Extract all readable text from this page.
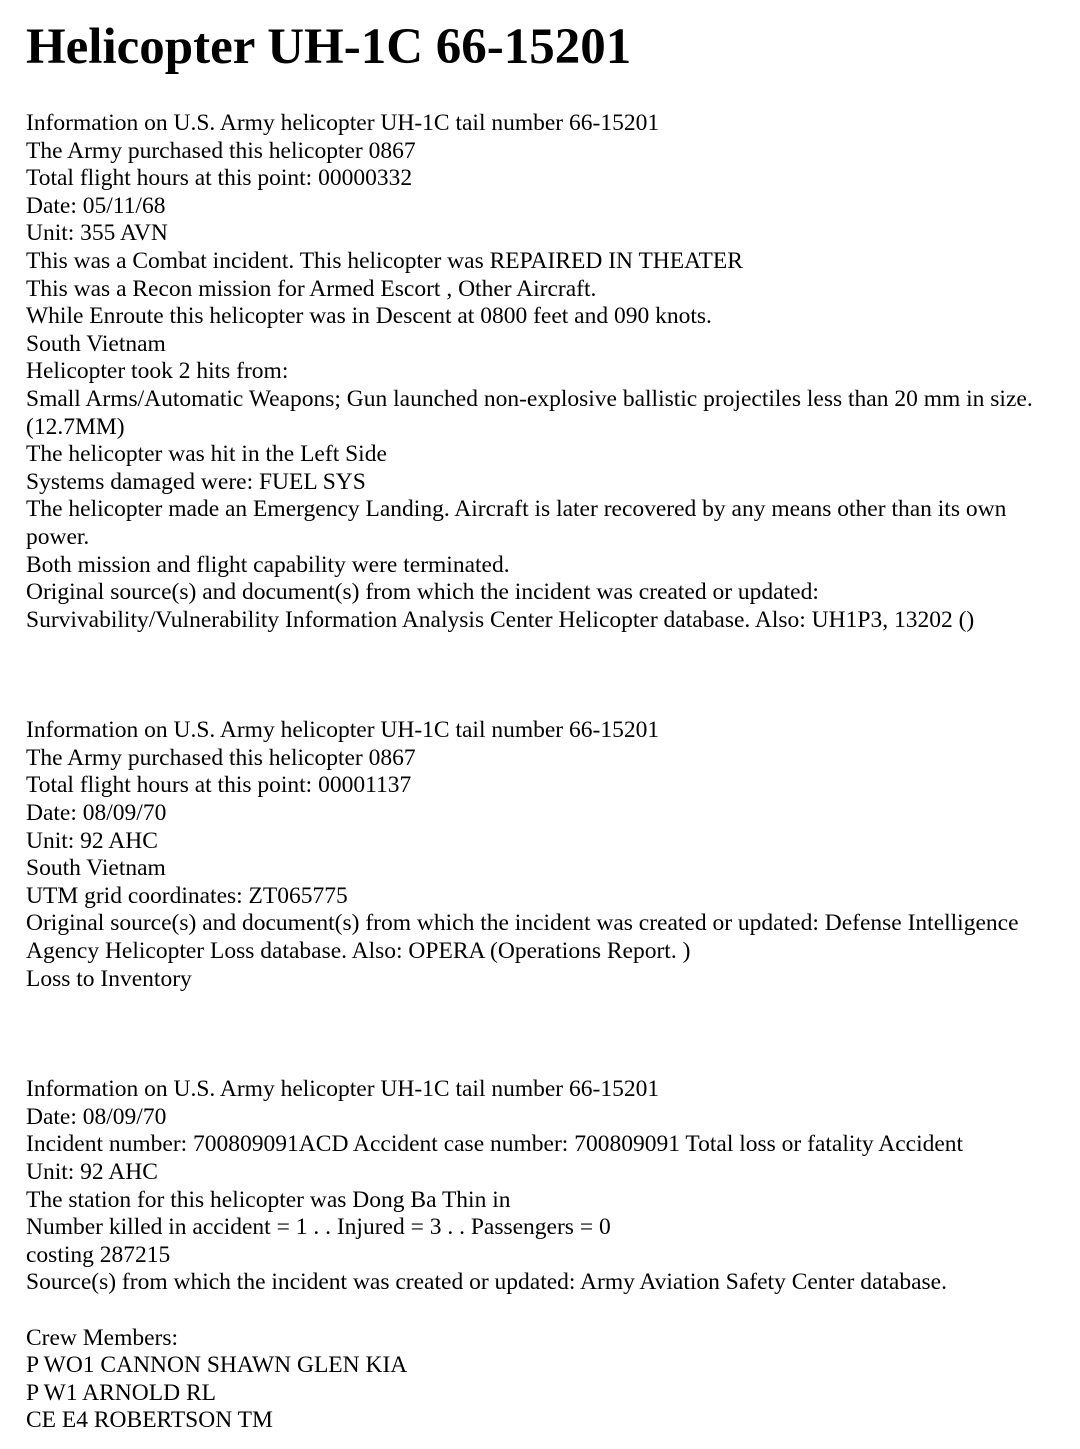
Helicopter UH-1C 66-15201
Information on U.S. Army helicopter UH-1C tail number 66-15201
The Army purchased this helicopter 0867
Total flight hours at this point: 00000332
Date: 05/11/68
Unit: 355 AVN
This was a Combat incident. This helicopter was REPAIRED IN THEATER
This was a Recon mission for Armed Escort , Other Aircraft.
While Enroute this helicopter was in Descent at 0800 feet and 090 knots.
South Vietnam
Helicopter took 2 hits from:
Small Arms/Automatic Weapons; Gun launched non-explosive ballistic projectiles less than 20 mm in size. (12.7MM)
The helicopter was hit in the Left Side
Systems damaged were: FUEL SYS
The helicopter made an Emergency Landing. Aircraft is later recovered by any means other than its own power.
Both mission and flight capability were terminated.
Original source(s) and document(s) from which the incident was created or updated:
Survivability/Vulnerability Information Analysis Center Helicopter database. Also: UH1P3, 13202 ()
Information on U.S. Army helicopter UH-1C tail number 66-15201
The Army purchased this helicopter 0867
Total flight hours at this point: 00001137
Date: 08/09/70
Unit: 92 AHC
South Vietnam
UTM grid coordinates: ZT065775
Original source(s) and document(s) from which the incident was created or updated: Defense Intelligence Agency Helicopter Loss database. Also: OPERA (Operations Report. )
Loss to Inventory
Information on U.S. Army helicopter UH-1C tail number 66-15201
Date: 08/09/70
Incident number: 700809091ACD Accident case number: 700809091 Total loss or fatality Accident
Unit: 92 AHC
The station for this helicopter was Dong Ba Thin in
Number killed in accident = 1 . . Injured = 3 . . Passengers = 0
costing 287215
Source(s) from which the incident was created or updated: Army Aviation Safety Center database.
Crew Members:
P WO1 CANNON SHAWN GLEN KIA
P W1 ARNOLD RL
CE E4 ROBERTSON TM
